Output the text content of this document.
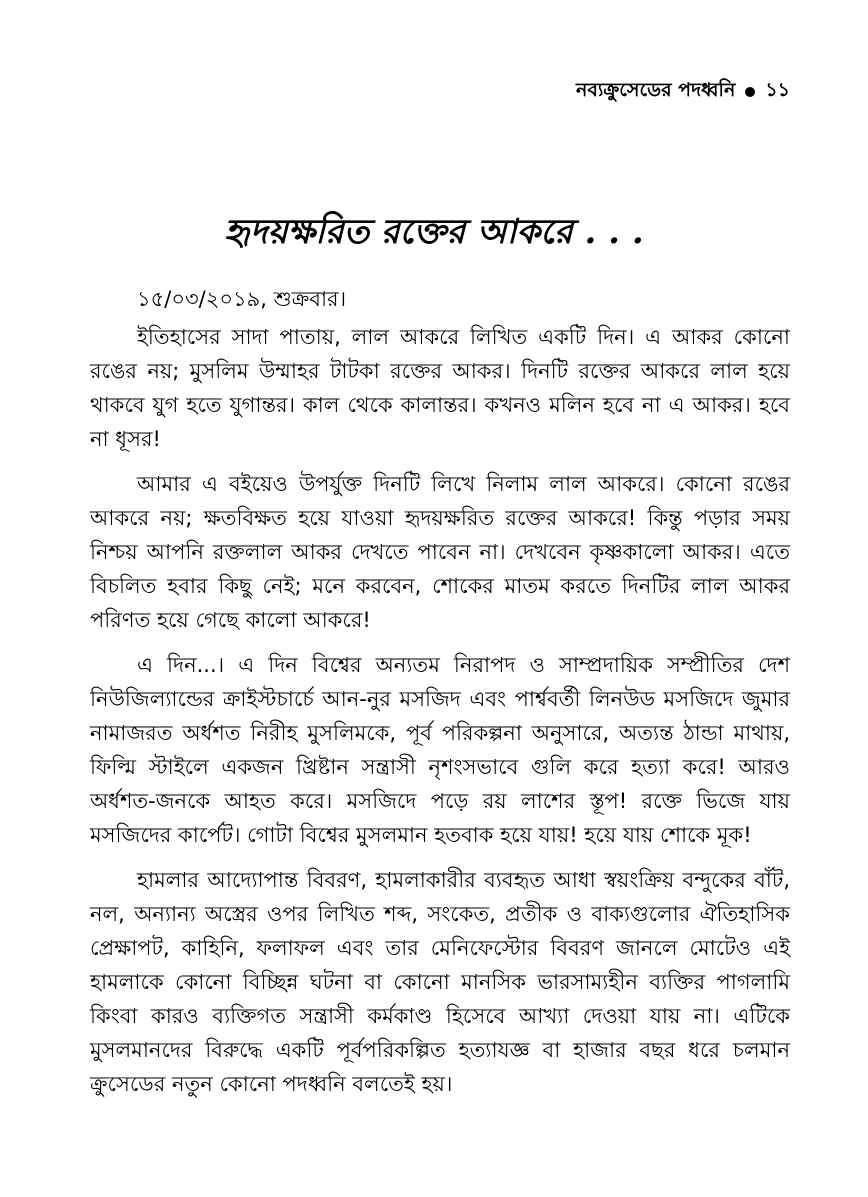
নব্যক্রুসেডের পদধ্বনি ১১
হৃদয়ক্ষরিত রক্তের আকরে . . .

১৫/০৩/২০১৯, শুক্রবার।

ইতিহাসের সাদা পাতায়, লাল আকরে লিখিত একটি দিন। এ আকর কোনো রঙের নয়; মুসলিম উম্মাহর টাটকা রক্তের আকর। দিনটি রক্তের আকরে লাল হয়ে থাকবে যুগ হতে যুগান্তর। কাল থেকে কালান্তর। কখনও মলিন হবে না এ আকর। হবে না ধূসর!

আমার এ বইয়েও উপর্যুক্ত দিনটি লিখে নিলাম লাল আকরে। কোনো রঙের আকরে নয়; ক্ষতবিক্ষত হয়ে যাওয়া হৃদয়ক্ষরিত রক্তের আকরে! কিন্তু পড়ার সময় নিশ্চয় আপনি রক্তলাল আকর দেখতে পাবেন না। দেখবেন কৃষ্ণকালো আকর। এতে বিচলিত হবার কিছু নেই; মনে করবেন, শোকের মাতম করতে দিনটির লাল আকর পরিণত হয়ে গেছে কালো আকরে!

এ দিন...। এ দিন বিশ্বের অন্যতম নিরাপদ ও সাম্প্রদায়িক সম্প্রীতির দেশ নিউজিল্যান্ডের ক্রাইস্টচার্চে আন-নুর মসজিদ এবং পার্শ্ববর্তী লিনউড মসজিদে জুমার নামাজরত অর্ধশত নিরীহ মুসলিমকে, পূর্ব পরিকল্পনা অনুসারে, অত্যন্ত ঠান্ডা মাথায়, ফিল্মি স্টাইলে একজন খ্রিষ্টান সন্ত্রাসী নৃশংসভাবে গুলি করে হত্যা করে! আরও অর্ধশত-জনকে আহত করে। মসজিদে পড়ে রয় লাশের স্তূপ! রক্তে ভিজে যায় মসজিদের কার্পেট। গোটা বিশ্বের মুসলমান হতবাক হয়ে যায়! হয়ে যায় শোকে মূক!

হামলার আদ্যোপান্ত বিবরণ, হামলাকারীর ব্যবহৃত আধা স্বয়ংক্রিয় বন্দুকের বাঁট, নল, অন্যান্য অস্ত্রের ওপর লিখিত শব্দ, সংকেত, প্রতীক ও বাক্যগুলোর ঐতিহাসিক প্রেক্ষাপট, কাহিনি, ফলাফল এবং তার মেনিফেস্টোর বিবরণ জানলে মোটেও এই হামলাকে কোনো বিচ্ছিন্ন ঘটনা বা কোনো মানসিক ভারসাম্যহীন ব্যক্তির পাগলামি কিংবা কারও ব্যক্তিগত সন্ত্রাসী কর্মকাণ্ড হিসেবে আখ্যা দেওয়া যায় না। এটিকে মুসলমানদের বিরুদ্ধে একটি পূর্বপরিকল্পিত হত্যাযজ্ঞ বা হাজার বছর ধরে চলমান ক্রুসেডের নতুন কোনো পদধ্বনি বলতেই হয়।
